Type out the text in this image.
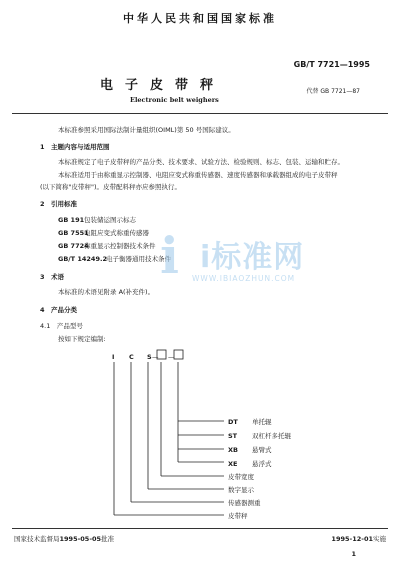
中华人民共和国国家标准
GB/T 7721—1995
电子皮带秤	代替 GB 7721—87
Electronic belt weighers
本标准参照采用国际法制计量组织(OIML)第 50 号国际建议。
1　主题内容与适用范围
本标准规定了电子皮带秤的产品分类、技术要求、试验方法、检验规则、标志、包装、运输和贮存。
本标准适用于由称重显示控制器、电阻应变式称重传感器、速度传感器和承载器组成的电子皮带秤
(以下简称"皮带秤")。皮带配料秤亦应参照执行。
2　引用标准
GB 191包装储运图示标志
GB 7551电阻应变式称重传感器
GB 7724称重显示控制器技术条件
GB/T 14249.2电子衡器通用技术条件
3　术语
本标准的术语见附录 A(补充件)。
4　产品分类
4.1　产品型号
按如下规定编制:
I C S — —
DT 单托辊
ST 双杠杆多托辊
XB 悬臂式
XE 悬浮式
皮带宽度
数字显示
传感器测重
皮带秤
i i标准网
WWW.IBIAOZHUN.COM
国家技术监督局1995-05-05批准	1995-12-01实施
1
